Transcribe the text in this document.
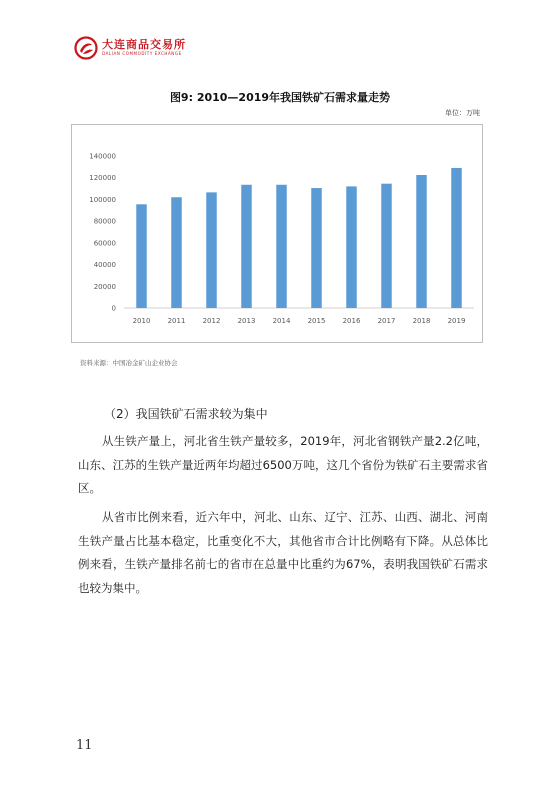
大连商品交易所
DALIAN COMMODITY EXCHANGE
图9: 2010—2019年我国铁矿石需求量走势
单位：万吨
0
20000
40000
60000
80000
100000
120000
140000
2010 2011 2012 2013 2014 2015 2016 2017 2018 2019
资料来源：中国冶金矿山企业协会
（2）我国铁矿石需求较为集中
从生铁产量上，河北省生铁产量较多，2019年，河北省钢铁产量2.2亿吨，山东、江苏的生铁产量近两年均超过6500万吨，这几个省份为铁矿石主要需求省区。
从省市比例来看，近六年中，河北、山东、辽宁、江苏、山西、湖北、河南生铁产量占比基本稳定，比重变化不大，其他省市合计比例略有下降。从总体比例来看，生铁产量排名前七的省市在总量中比重约为67%，表明我国铁矿石需求也较为集中。
11
